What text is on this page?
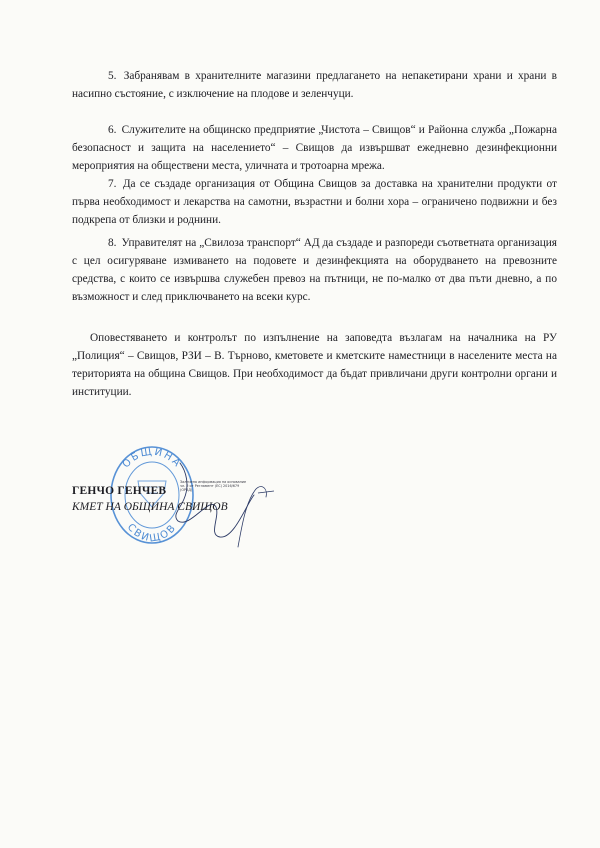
5. Забранявам в хранителните магазини предлагането на непакетирани храни и храни в насипно състояние, с изключение на плодове и зеленчуци.

6. Служителите на общинско предприятие „Чистота – Свищов“ и Районна служба „Пожарна безопасност и защита на населението“ – Свищов да извършват ежедневно дезинфекционни мероприятия на обществени места, уличната и тротоарна мрежа.

7. Да се създаде организация от Община Свищов за доставка на хранителни продукти от първа необходимост и лекарства на самотни, възрастни и болни хора – ограничено подвижни и без подкрепа от близки и роднини.

8. Управителят на „Свилоза транспорт“ АД да създаде и разпореди съответната организация с цел осигуряване измиването на подовете и дезинфекцията на оборудването на превозните средства, с които се извършва служебен превоз на пътници, не по-малко от два пъти дневно, а по възможност и след приключването на всеки курс.

Оповестяването и контролът по изпълнение на заповедта възлагам на началника на РУ „Полиция“ – Свищов, РЗИ – В. Търново, кметовете и кметските наместници в населените места на територията на община Свищов. При необходимост да бъдат привличани други контролни органи и институции.

ОБЩИНА
СВИЩОВ
Заличена информация на основание чл. 2 от Регламент (ЕС) 2016/679 (ОРЗД)
ГЕНЧО ГЕНЧЕВ
КМЕТ НА ОБЩИНА СВИЩОВ
